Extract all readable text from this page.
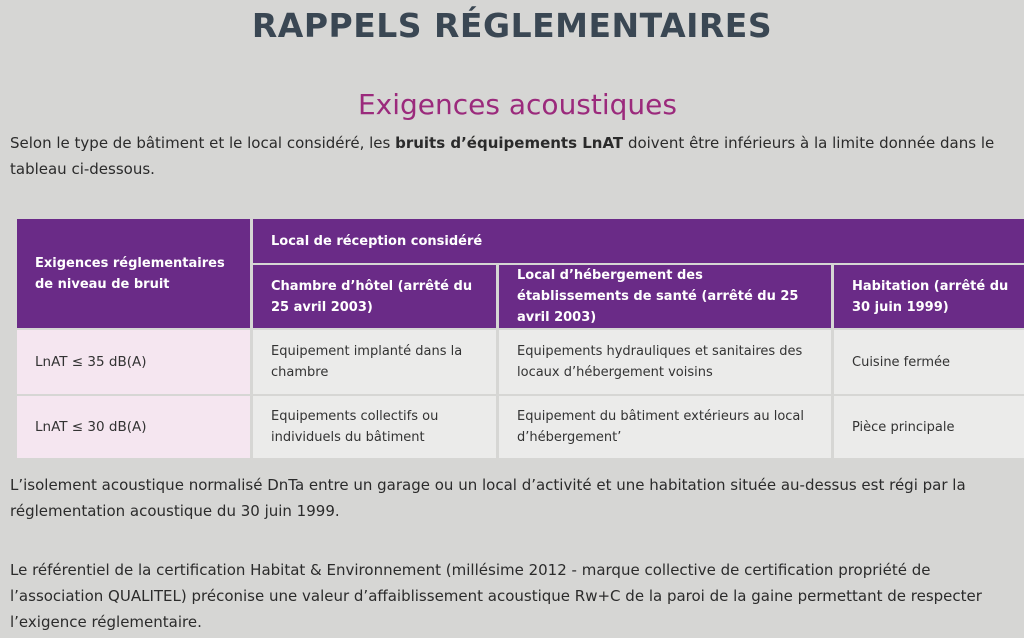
RAPPELS RÉGLEMENTAIRES
Exigences acoustiques

Selon le type de bâtiment et le local considéré, les bruits d’équipements LnAT doivent être inférieurs à la limite donnée dans le tableau ci-dessous.

Exigences réglementaires de niveau de bruit	Local de réception considéré		
	Chambre d’hôtel (arrêté du 25 avril 2003)	Local d’hébergement des établissements de santé (arrêté du 25 avril 2003)	Habitation (arrêté du 30 juin 1999)
LnAT ≤ 35 dB(A)	Equipement implanté dans la chambre	Equipements hydrauliques et sanitaires des locaux d’hébergement voisins	Cuisine fermée
LnAT ≤ 30 dB(A)	Equipements collectifs ou individuels du bâtiment	Equipement du bâtiment extérieurs au local d’hébergement’	Pièce principale

L’isolement acoustique normalisé DnTa entre un garage ou un local d’activité et une habitation située au-dessus est régi par la réglementation acoustique du 30 juin 1999.

Le référentiel de la certification Habitat & Environnement (millésime 2012 - marque collective de certification propriété de l’association QUALITEL) préconise une valeur d’affaiblissement acoustique Rw+C de la paroi de la gaine permettant de respecter l’exigence réglementaire.
